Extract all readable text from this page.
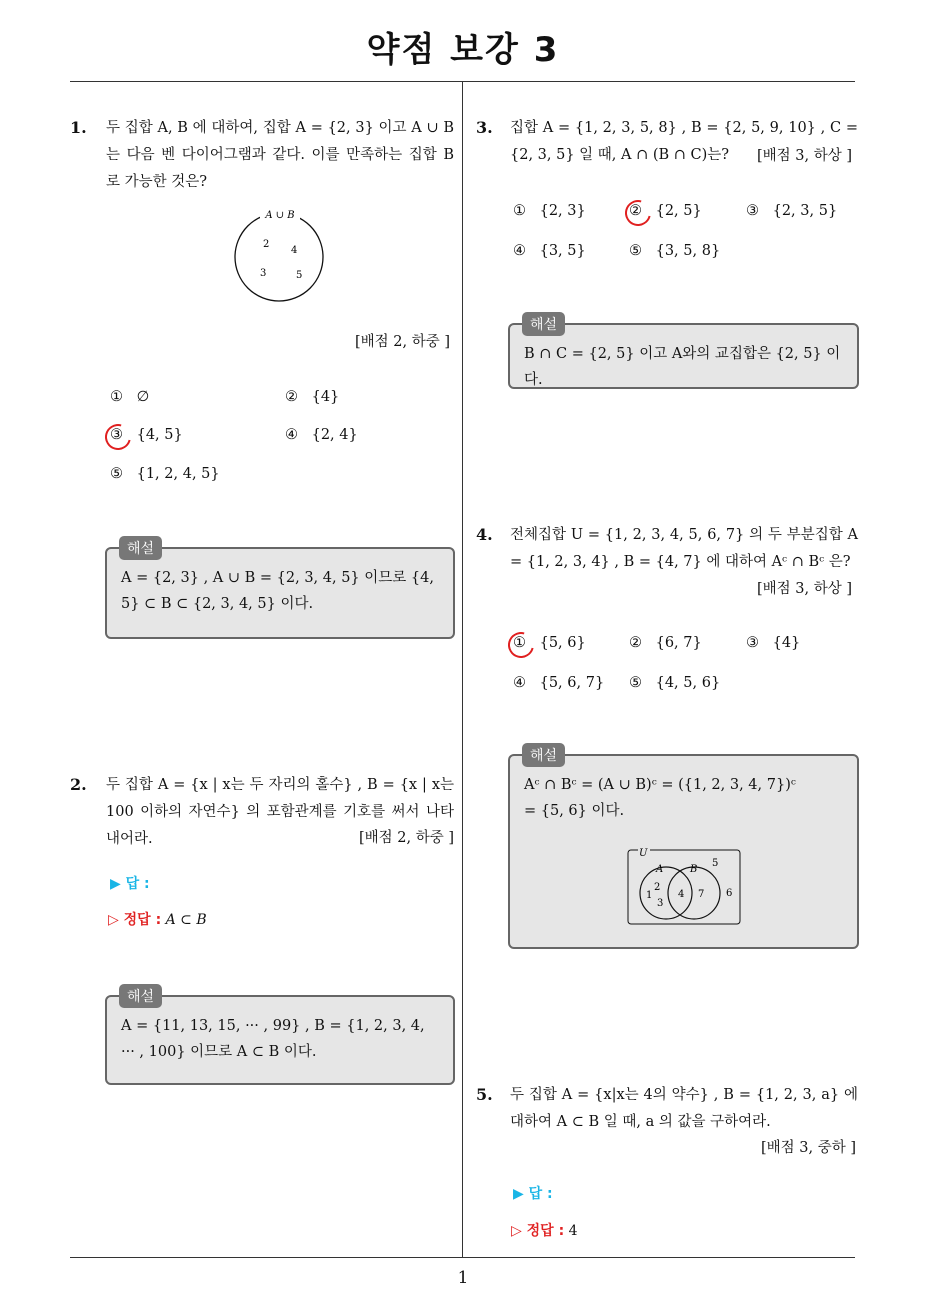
약점 보강 3
1
1. 두 집합 A, B 에 대하여, 집합 A = {2, 3} 이고 A ∪ B 는 다음 벤 다이어그램과 같다. 이를 만족하는 집합 B 로 가능한 것은?
A ∪ B
2
4
3	5
[배점 2, 하중 ]
① ∅	② {4}
③ {4, 5}	④ {2, 4}
⑤ {1, 2, 4, 5}
해설
A = {2, 3} , A ∪ B = {2, 3, 4, 5} 이므로 {4, 5} ⊂ B ⊂ {2, 3, 4, 5} 이다.
2. 두 집합 A = {x | x는 두 자리의 홀수} , B = {x | x는 100 이하의 자연수} 의 포함관계를 기호를 써서 나타내어라.	[배점 2, 하중 ]
▶ 답 :
▷ 정답 : A ⊂ B
해설
A = {11, 13, 15, ··· , 99} , B = {1, 2, 3, 4, ··· , 100} 이므로 A ⊂ B 이다.
3. 집합 A = {1, 2, 3, 5, 8} , B = {2, 5, 9, 10} , C = {2, 3, 5} 일 때, A ∩ (B ∩ C)는?	[배점 3, 하상 ]
① {2, 3}	② {2, 5}	③ {2, 3, 5}
④ {3, 5}	⑤ {3, 5, 8}
해설
B ∩ C = {2, 5} 이고 A와의 교집합은 {2, 5} 이다.
4. 전체집합 U = {1, 2, 3, 4, 5, 6, 7} 의 두 부분집합 A = {1, 2, 3, 4} , B = {4, 7} 에 대하여 Aᶜ ∩ Bᶜ 은?
[배점 3, 하상 ]
① {5, 6}	② {6, 7}	③ {4}
④ {5, 6, 7} ⑤ {4, 5, 6}
해설
Aᶜ ∩ Bᶜ = (A ∪ B)ᶜ = ({1, 2, 3, 4, 7})ᶜ = {5, 6} 이다.
U
A	B
1
2
3
4 7
5
6
5. 두 집합 A = {x|x는 4의 약수} , B = {1, 2, 3, a} 에 대하여 A ⊂ B 일 때, a 의 값을 구하여라.
[배점 3, 중하 ]
▶ 답 :
▷ 정답 : 4
